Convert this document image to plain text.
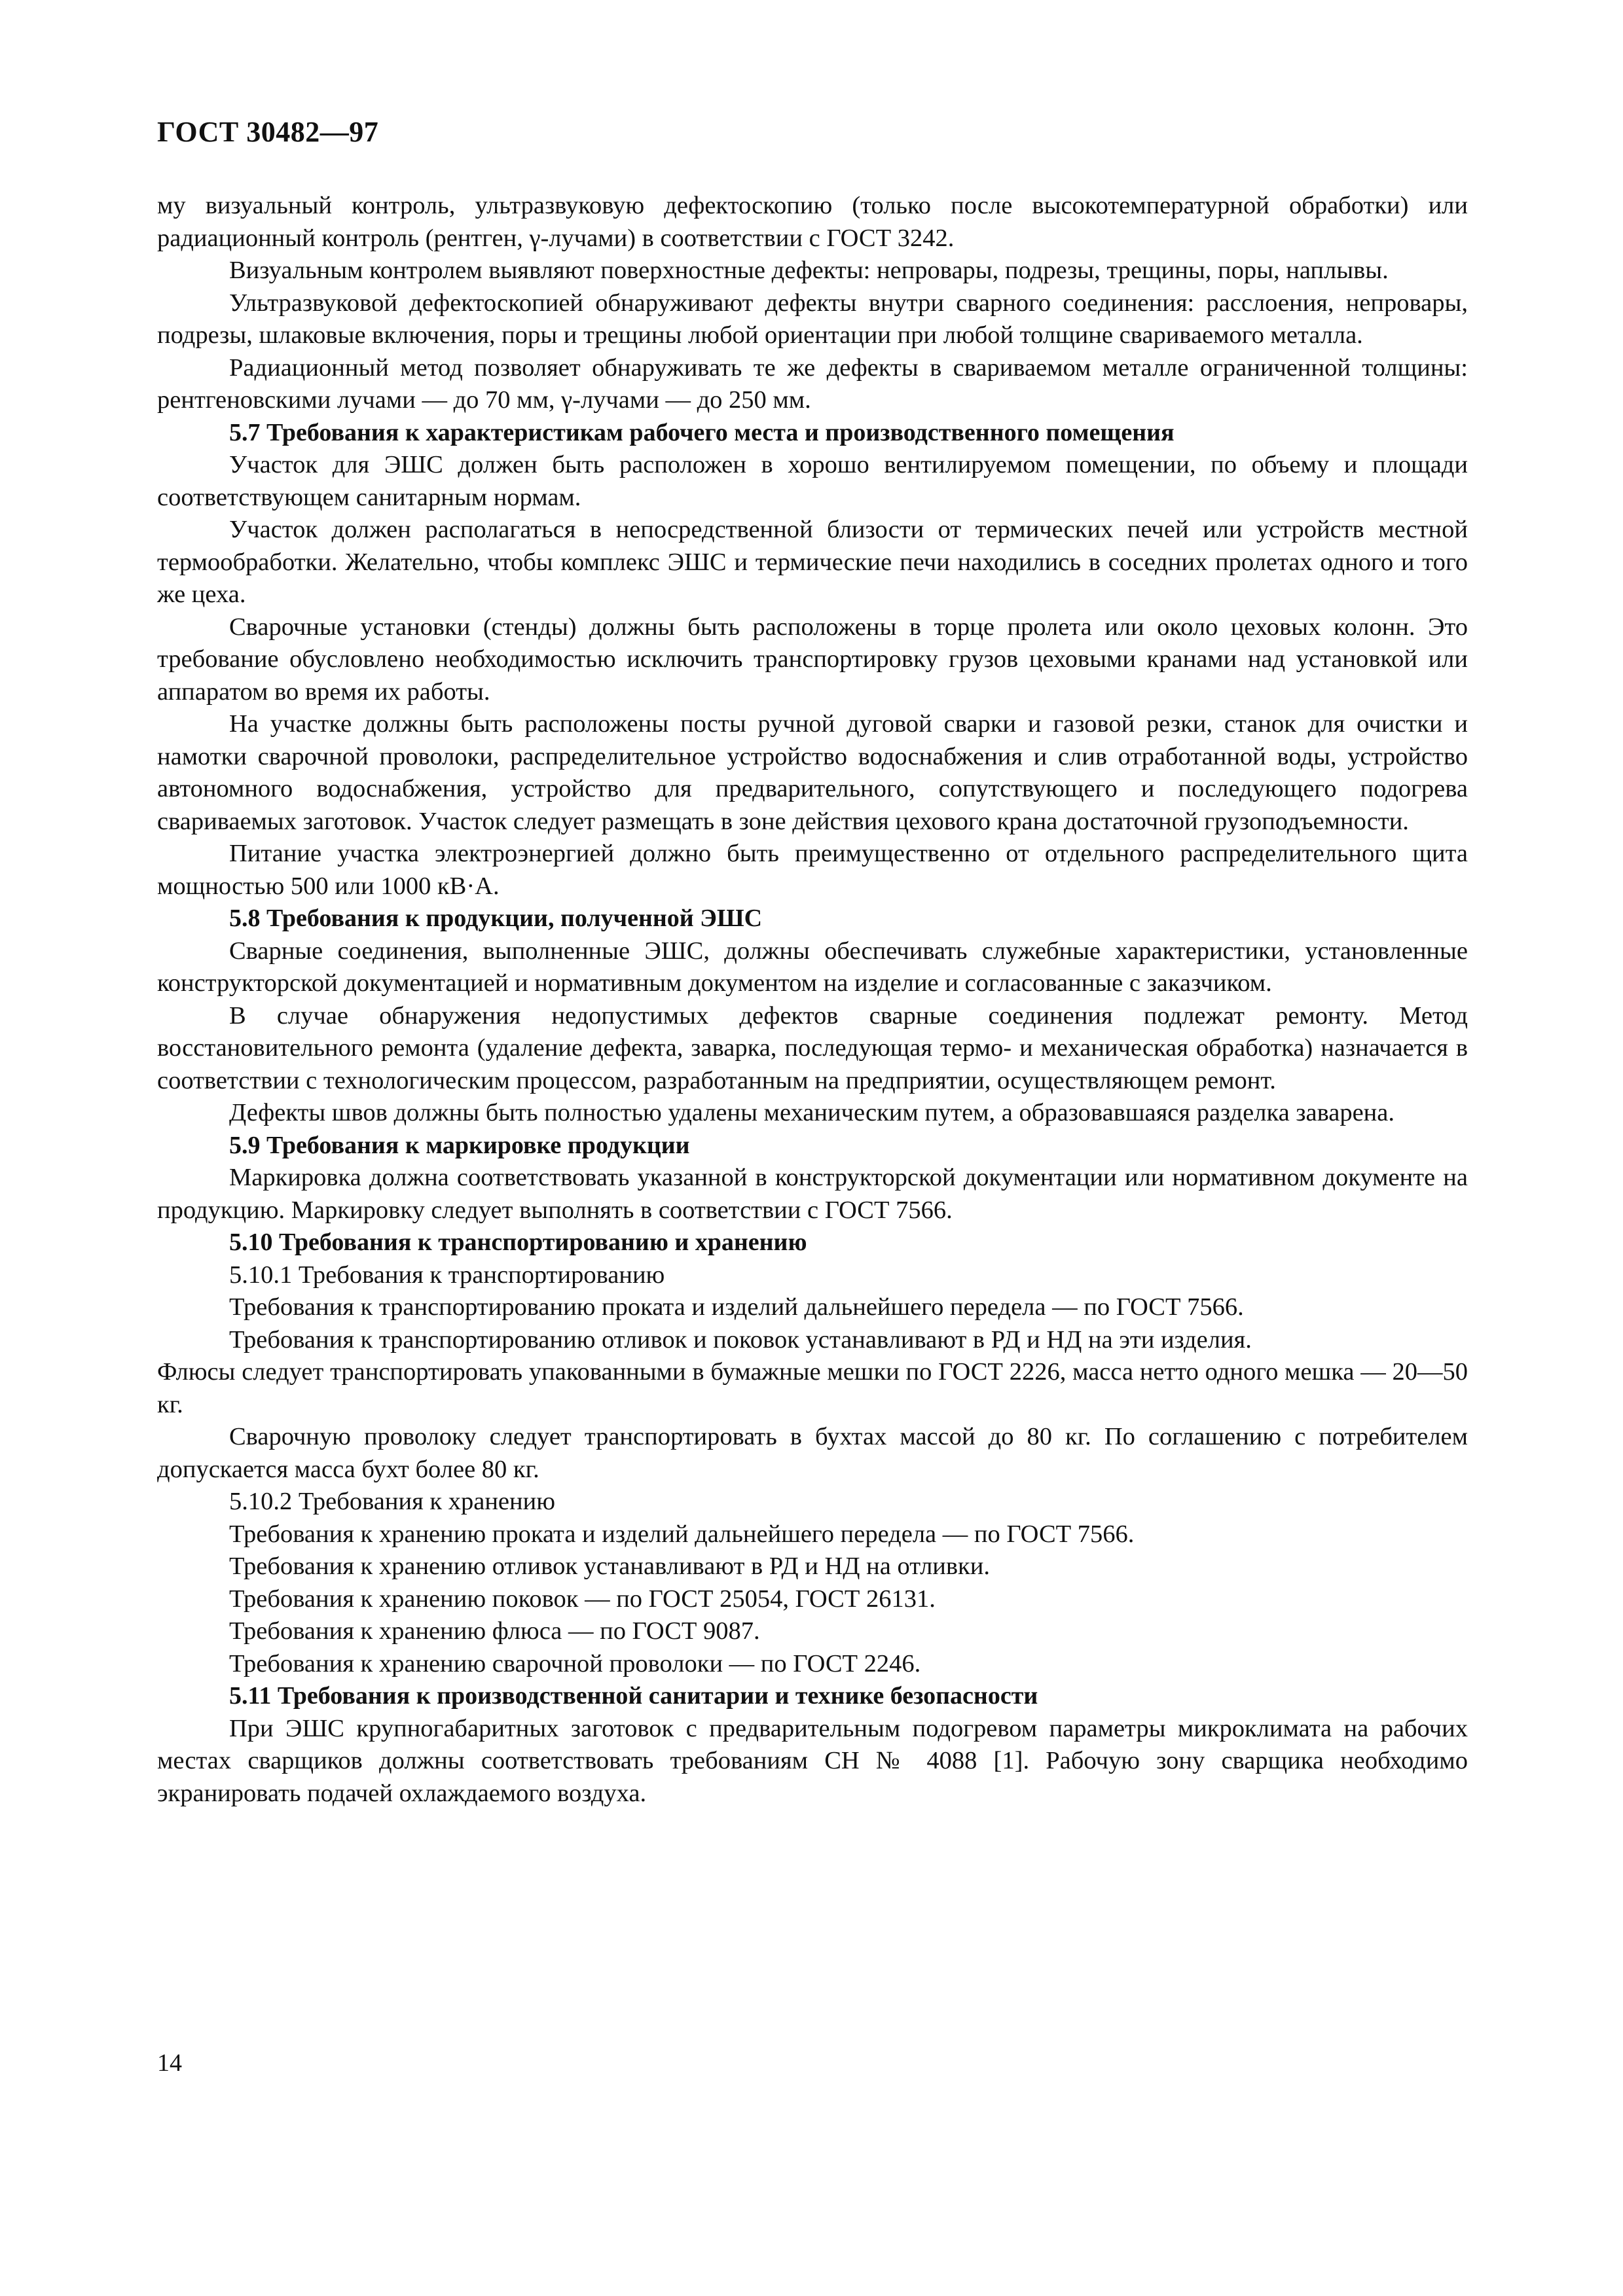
ГОСТ 30482—97

му визуальный контроль, ультразвуковую дефектоскопию (только после высокотемпературной обработки) или радиационный контроль (рентген, γ-лучами) в соответствии с ГОСТ 3242.

Визуальным контролем выявляют поверхностные дефекты: непровары, подрезы, трещины, поры, наплывы.

Ультразвуковой дефектоскопией обнаруживают дефекты внутри сварного соединения: расслоения, непровары, подрезы, шлаковые включения, поры и трещины любой ориентации при любой толщине свариваемого металла.

Радиационный метод позволяет обнаруживать те же дефекты в свариваемом металле ограниченной толщины: рентгеновскими лучами — до 70 мм, γ-лучами — до 250 мм.

5.7 Требования к характеристикам рабочего места и производственного помещения

Участок для ЭШС должен быть расположен в хорошо вентилируемом помещении, по объему и площади соответствующем санитарным нормам.

Участок должен располагаться в непосредственной близости от термических печей или устройств местной термообработки. Желательно, чтобы комплекс ЭШС и термические печи находились в соседних пролетах одного и того же цеха.

Сварочные установки (стенды) должны быть расположены в торце пролета или около цеховых колонн. Это требование обусловлено необходимостью исключить транспортировку грузов цеховыми кранами над установкой или аппаратом во время их работы.

На участке должны быть расположены посты ручной дуговой сварки и газовой резки, станок для очистки и намотки сварочной проволоки, распределительное устройство водоснабжения и слив отработанной воды, устройство автономного водоснабжения, устройство для предварительного, сопутствующего и последующего подогрева свариваемых заготовок. Участок следует размещать в зоне действия цехового крана достаточной грузоподъемности.

Питание участка электроэнергией должно быть преимущественно от отдельного распределительного щита мощностью 500 или 1000 кВ·А.

5.8 Требования к продукции, полученной ЭШС

Сварные соединения, выполненные ЭШС, должны обеспечивать служебные характеристики, установленные конструкторской документацией и нормативным документом на изделие и согласованные с заказчиком.

В случае обнаружения недопустимых дефектов сварные соединения подлежат ремонту. Метод восстановительного ремонта (удаление дефекта, заварка, последующая термо- и механическая обработка) назначается в соответствии с технологическим процессом, разработанным на предприятии, осуществляющем ремонт.

Дефекты швов должны быть полностью удалены механическим путем, а образовавшаяся разделка заварена.

5.9 Требования к маркировке продукции

Маркировка должна соответствовать указанной в конструкторской документации или нормативном документе на продукцию. Маркировку следует выполнять в соответствии с ГОСТ 7566.

5.10 Требования к транспортированию и хранению

5.10.1 Требования к транспортированию

Требования к транспортированию проката и изделий дальнейшего передела — по ГОСТ 7566.

Требования к транспортированию отливок и поковок устанавливают в РД и НД на эти изделия.

Флюсы следует транспортировать упакованными в бумажные мешки по ГОСТ 2226, масса нетто одного мешка — 20—50 кг.

Сварочную проволоку следует транспортировать в бухтах массой до 80 кг. По соглашению с потребителем допускается масса бухт более 80 кг.

5.10.2 Требования к хранению

Требования к хранению проката и изделий дальнейшего передела — по ГОСТ 7566.

Требования к хранению отливок устанавливают в РД и НД на отливки.

Требования к хранению поковок — по ГОСТ 25054, ГОСТ 26131.

Требования к хранению флюса — по ГОСТ 9087.

Требования к хранению сварочной проволоки — по ГОСТ 2246.

5.11 Требования к производственной санитарии и технике безопасности

При ЭШС крупногабаритных заготовок с предварительным подогревом параметры микроклимата на рабочих местах сварщиков должны соответствовать требованиям СН № 4088 [1]. Рабочую зону сварщика необходимо экранировать подачей охлаждаемого воздуха.

14
